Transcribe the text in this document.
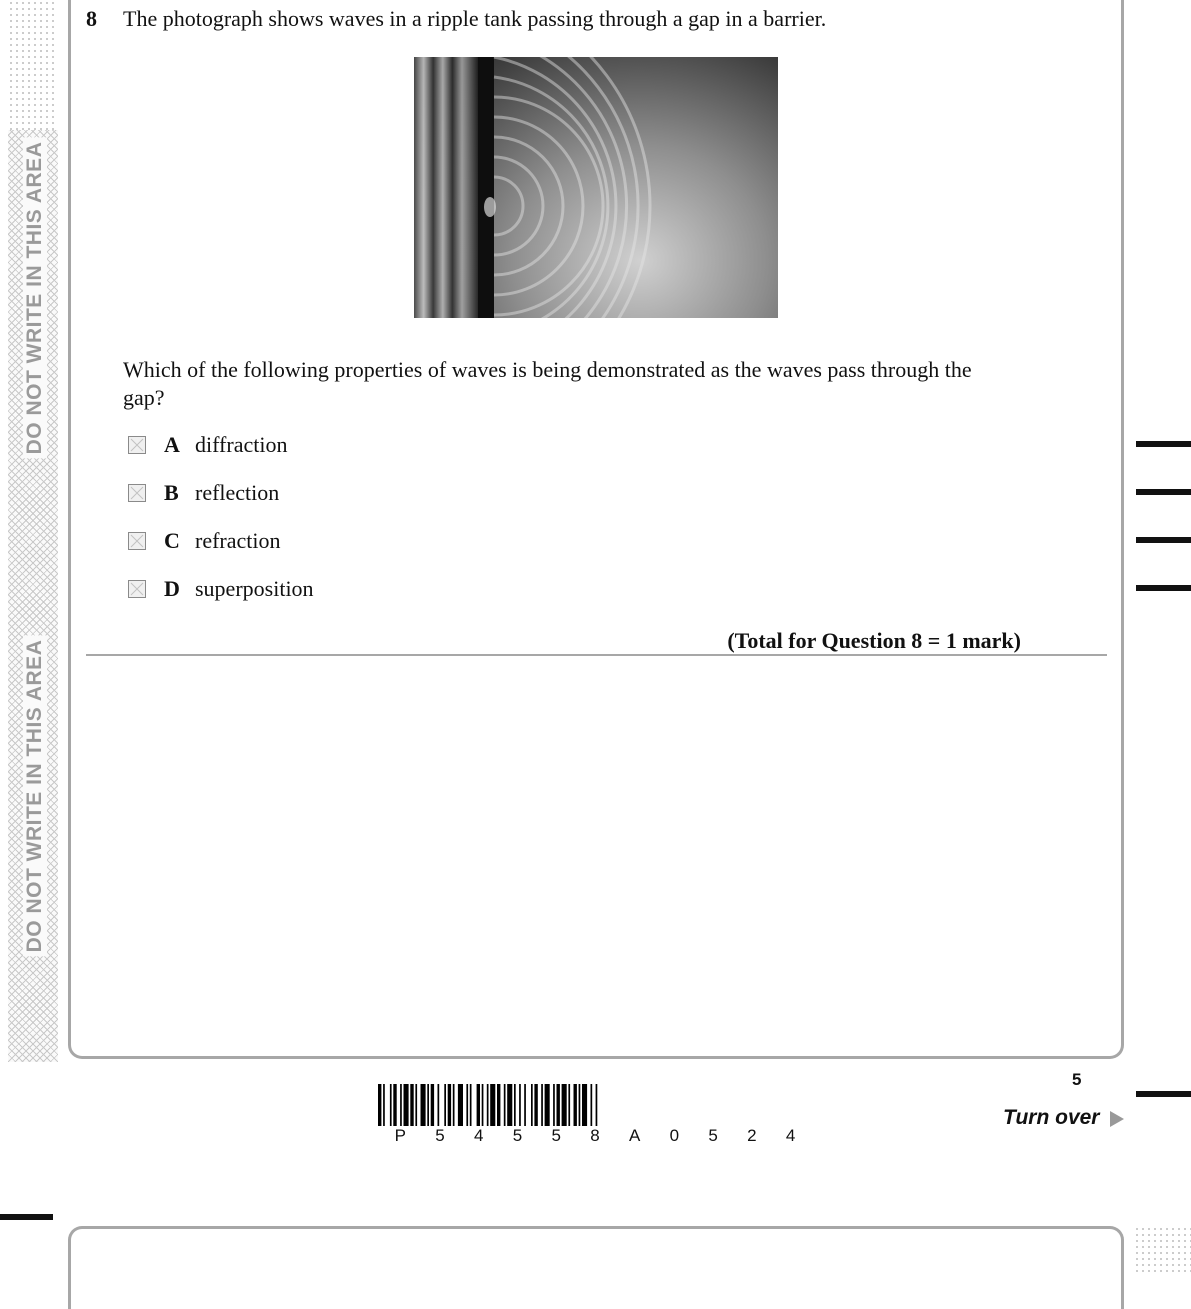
DO NOT WRITE IN THIS AREA
DO NOT WRITE IN THIS AREA
8 The photograph shows waves in a ripple tank passing through a gap in a barrier.
Which of the following properties of waves is being demonstrated as the waves pass through the gap?
A diffraction
B reflection
C refraction
D superposition
(Total for Question 8 = 1 mark)
P 5 4 5 5 8 A 0 5 2 4
5
Turn over
